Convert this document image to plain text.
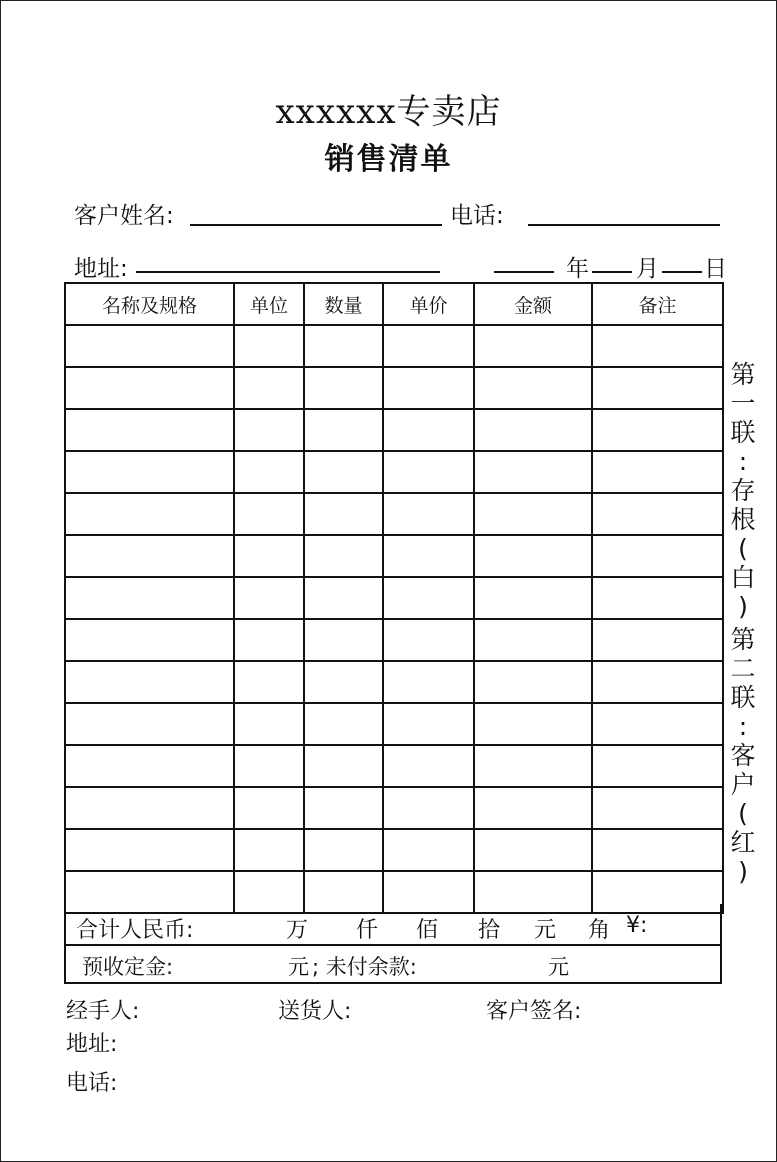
xxxxxx专卖店
销售清单
客户姓名:	电话:
地址:	年 月 日
名称及规格	单位	数量	单价	金额	备注

合计人民币:	万 仟 佰 拾 元 角 ¥:
预收定金:	元 ; 未付余款:	元
第
一
联
:
存
根
(
白
)
第
二
联
:
客
户
(
红
)
经手人:	送货人:	客户签名:
地址:
电话:
